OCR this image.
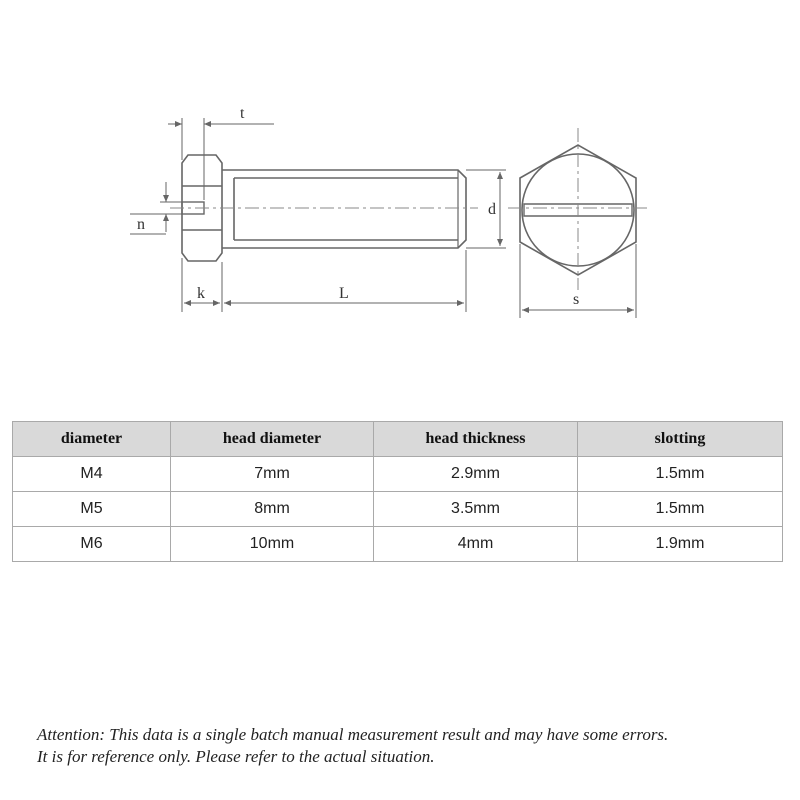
t
n
d
k	L	s
diameter	head diameter	head thickness	slotting
M4	7mm	2.9mm	1.5mm
M5	8mm	3.5mm	1.5mm
M6	10mm	4mm	1.9mm
Attention: This data is a single batch manual measurement result and may have some errors.
It is for reference only. Please refer to the actual situation.
